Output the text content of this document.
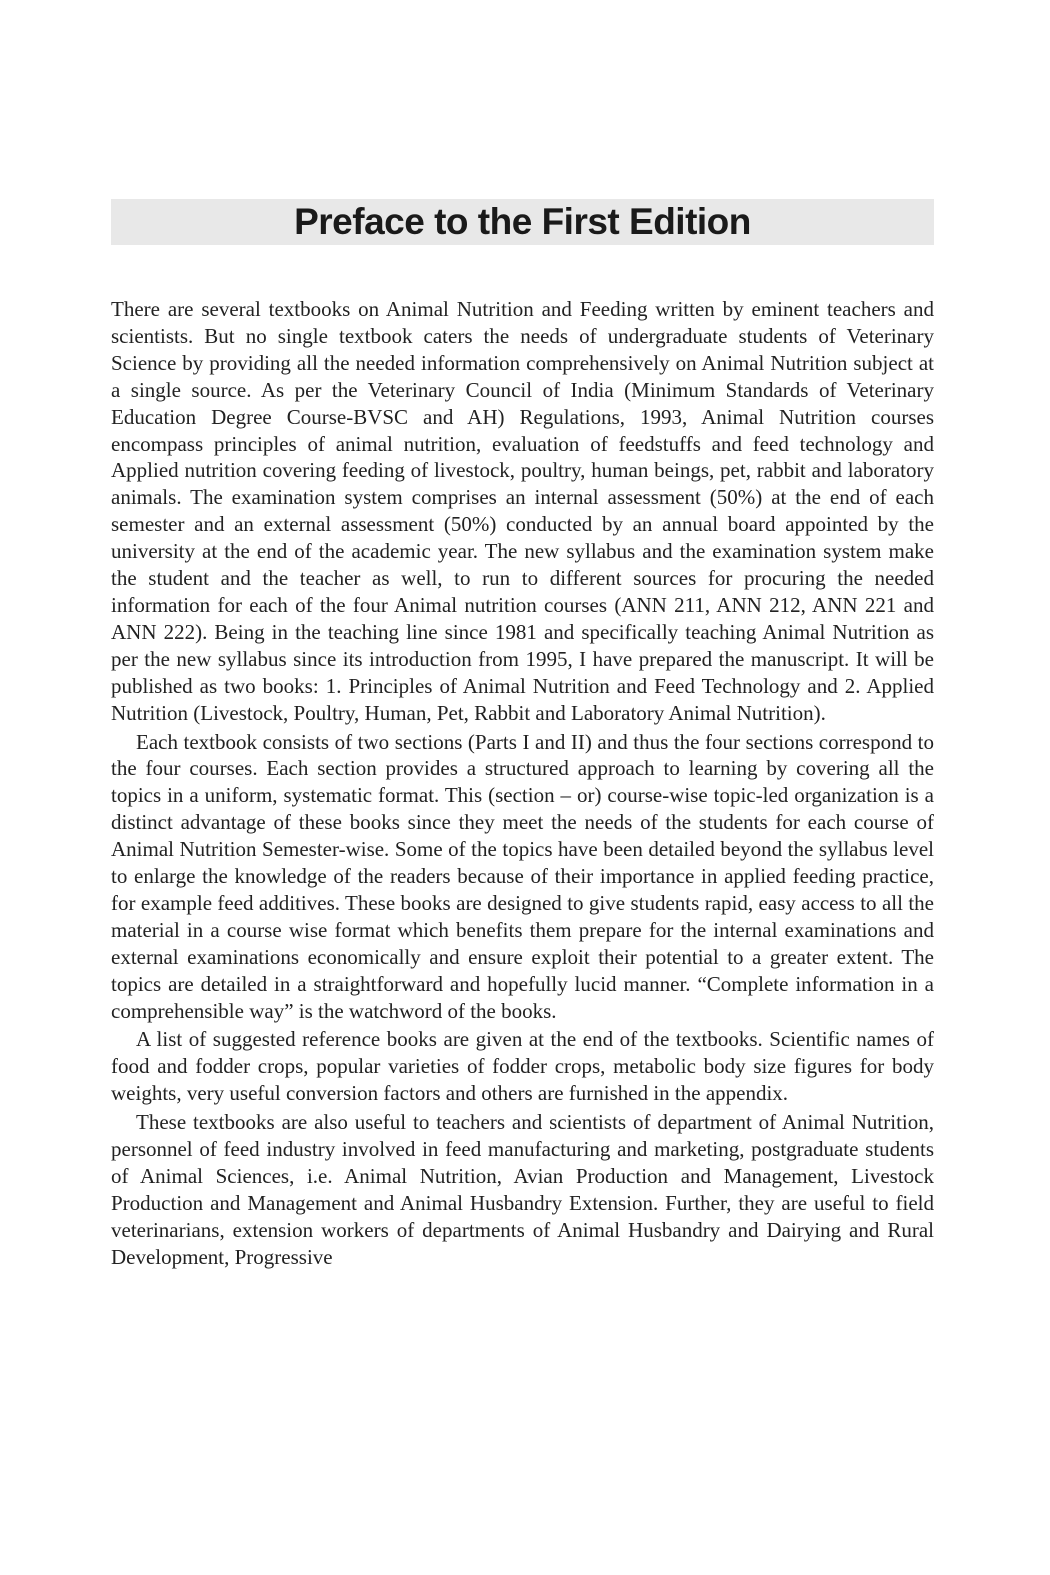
Preface to the First Edition

There are several textbooks on Animal Nutrition and Feeding written by eminent teachers and scientists. But no single textbook caters the needs of undergraduate students of Veterinary Science by providing all the needed information comprehensively on Animal Nutrition subject at a single source. As per the Veterinary Council of India (Minimum Standards of Veterinary Education Degree Course-BVSC and AH) Regulations, 1993, Animal Nutrition courses encompass principles of animal nutrition, evaluation of feedstuffs and feed technology and Applied nutrition covering feeding of livestock, poultry, human beings, pet, rabbit and laboratory animals. The examination system comprises an internal assessment (50%) at the end of each semester and an external assessment (50%) conducted by an annual board appointed by the university at the end of the academic year. The new syllabus and the examination system make the student and the teacher as well, to run to different sources for procuring the needed information for each of the four Animal nutrition courses (ANN 211, ANN 212, ANN 221 and ANN 222). Being in the teaching line since 1981 and specifically teaching Animal Nutrition as per the new syllabus since its introduction from 1995, I have prepared the manuscript. It will be published as two books: 1. Principles of Animal Nutrition and Feed Technology and 2. Applied Nutrition (Livestock, Poultry, Human, Pet, Rabbit and Laboratory Animal Nutrition).

Each textbook consists of two sections (Parts I and II) and thus the four sections correspond to the four courses. Each section provides a structured approach to learning by covering all the topics in a uniform, systematic format. This (section – or) course-wise topic-led organization is a distinct advantage of these books since they meet the needs of the students for each course of Animal Nutrition Semester-wise. Some of the topics have been detailed beyond the syllabus level to enlarge the knowledge of the readers because of their importance in applied feeding practice, for example feed additives. These books are designed to give students rapid, easy access to all the material in a course wise format which benefits them prepare for the internal examinations and external examinations economically and ensure exploit their potential to a greater extent. The topics are detailed in a straightforward and hopefully lucid manner. “Complete information in a comprehensible way” is the watchword of the books.

A list of suggested reference books are given at the end of the textbooks. Scientific names of food and fodder crops, popular varieties of fodder crops, metabolic body size figures for body weights, very useful conversion factors and others are furnished in the appendix.

These textbooks are also useful to teachers and scientists of department of Animal Nutrition, personnel of feed industry involved in feed manufacturing and marketing, postgraduate students of Animal Sciences, i.e. Animal Nutrition, Avian Production and Management, Livestock Production and Management and Animal Husbandry Extension. Further, they are useful to field veterinarians, extension workers of departments of Animal Husbandry and Dairying and Rural Development, Progressive
